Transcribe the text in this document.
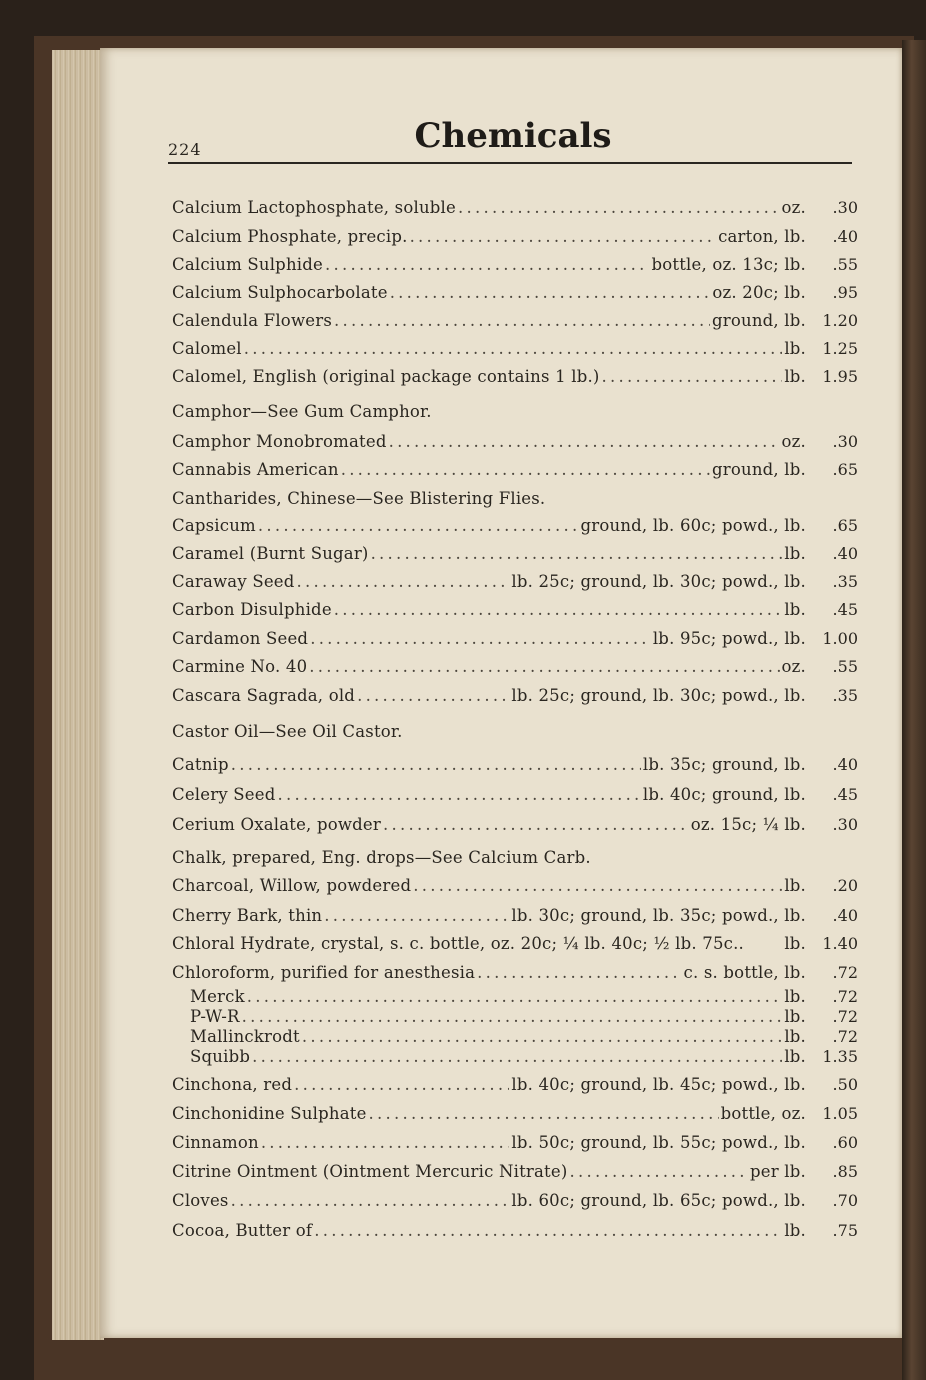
224	Chemicals
Calcium Lactophosphate, soluble . . .	oz.	.30
Calcium Phosphate, precip. . . .	carton, lb.	.40
Calcium Sulphide . . .	bottle, oz. 13c; lb.	.55
Calcium Sulphocarbolate . . .	oz. 20c; lb.	.95
Calendula Flowers . . .	ground, lb.	1.20
Calomel . . .	lb.	1.25
Calomel, English (original package contains 1 lb.) . . .	lb.	1.95
Camphor—See Gum Camphor.
Camphor Monobromated . . .	oz.	.30
Cannabis American . . .	ground, lb.	.65
Cantharides, Chinese—See Blistering Flies.
Capsicum . . .	ground, lb. 60c; powd., lb.	.65
Caramel (Burnt Sugar) . . .	lb.	.40
Caraway Seed . . .	lb. 25c; ground, lb. 30c; powd., lb.	.35
Carbon Disulphide . . .	lb.	.45
Cardamon Seed . . .	lb. 95c; powd., lb.	1.00
Carmine No. 40 . . .	oz.	.55
Cascara Sagrada, old . . .	lb. 25c; ground, lb. 30c; powd., lb.	.35
Castor Oil—See Oil Castor.
Catnip . . .	lb. 35c; ground, lb.	.40
Celery Seed . . .	lb. 40c; ground, lb.	.45
Cerium Oxalate, powder . . .	oz. 15c; ¼ lb.	.30
Chalk, prepared, Eng. drops—See Calcium Carb.
Charcoal, Willow, powdered . . .	lb.	.20
Cherry Bark, thin . . .	lb. 30c; ground, lb. 35c; powd., lb.	.40
Chloral Hydrate, crystal, s. c. bottle, oz. 20c; ¼ lb. 40c; ½ lb. 75c.. lb.	1.40
Chloroform, purified for anesthesia . . .	c. s. bottle, lb.	.72
Merck . . .	lb.	.72
P-W-R . . .	lb.	.72
Mallinckrodt . . .	lb.	.72
Squibb . . .	lb.	1.35
Cinchona, red . . .	lb. 40c; ground, lb. 45c; powd., lb.	.50
Cinchonidine Sulphate . . .	bottle, oz.	1.05
Cinnamon . . .	lb. 50c; ground, lb. 55c; powd., lb.	.60
Citrine Ointment (Ointment Mercuric Nitrate) . . .	per lb.	.85
Cloves . . .	lb. 60c; ground, lb. 65c; powd., lb.	.70
Cocoa, Butter of . . .	lb.	.75
